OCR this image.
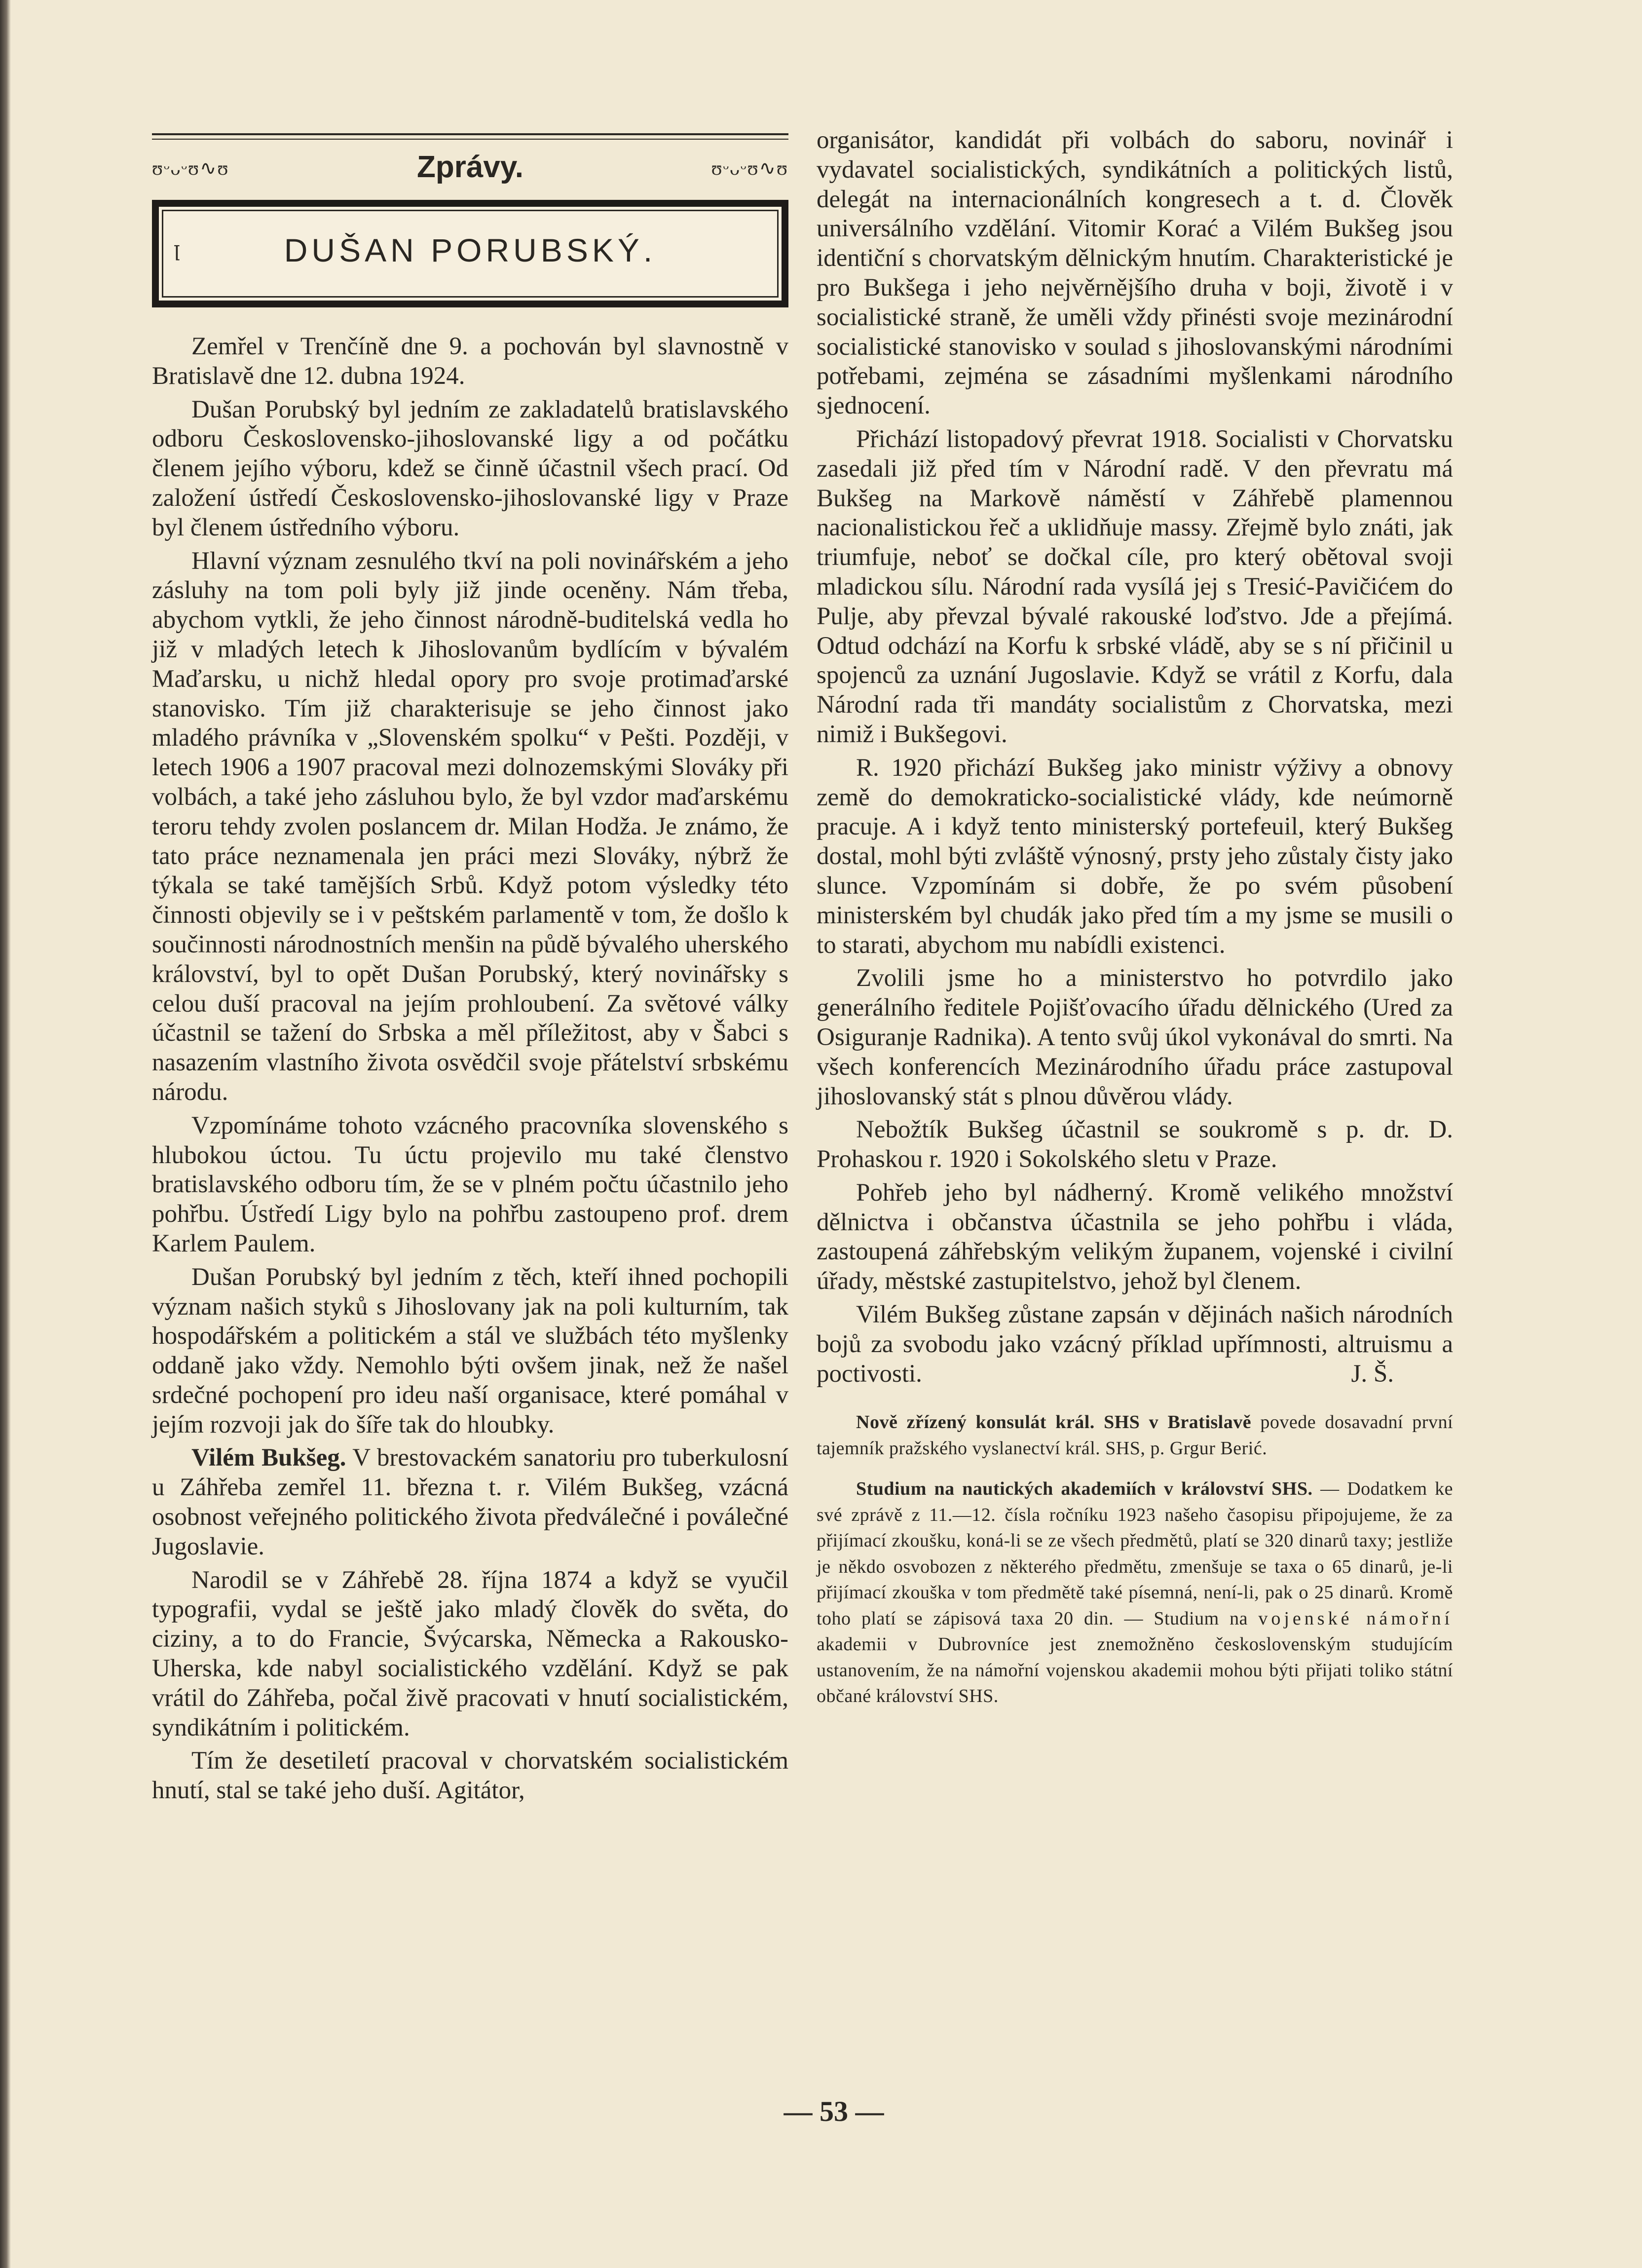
ʊᵕᴗᵕʊ∿ʊ	Zprávy.	ʊᵕᴗᵕʊ∿ʊ
ꞁ	DUŠAN PORUBSKÝ.

Zemřel v Trenčíně dne 9. a pochován byl slavnostně v Bratislavě dne 12. dubna 1924.

Dušan Porubský byl jedním ze zakladatelů bratislavského odboru Československo-jihoslovanské ligy a od počátku členem jejího výboru, kdež se činně účastnil všech prací. Od založení ústředí Československo-jihoslovanské ligy v Praze byl členem ústředního výboru.

Hlavní význam zesnulého tkví na poli novinářském a jeho zásluhy na tom poli byly již jinde oceněny. Nám třeba, abychom vytkli, že jeho činnost národně-buditelská vedla ho již v mladých letech k Jihoslovanům bydlícím v bývalém Maďarsku, u nichž hledal opory pro svoje protimaďarské stanovisko. Tím již charakterisuje se jeho činnost jako mladého právníka v „Slovenském spolku“ v Pešti. Později, v letech 1906 a 1907 pracoval mezi dolnozemskými Slováky při volbách, a také jeho zásluhou bylo, že byl vzdor maďarskému teroru tehdy zvolen poslancem dr. Milan Hodža. Je známo, že tato práce neznamenala jen práci mezi Slováky, nýbrž že týkala se také tamějších Srbů. Když potom výsledky této činnosti objevily se i v peštském parlamentě v tom, že došlo k součinnosti národnostních menšin na půdě bývalého uherského království, byl to opět Dušan Porubský, který novinářsky s celou duší pracoval na jejím prohloubení. Za světové války účastnil se tažení do Srbska a měl příležitost, aby v Šabci s nasazením vlastního života osvědčil svoje přátelství srbskému národu.

Vzpomínáme tohoto vzácného pracovníka slovenského s hlubokou úctou. Tu úctu projevilo mu také členstvo bratislavského odboru tím, že se v plném počtu účastnilo jeho pohřbu. Ústředí Ligy bylo na pohřbu zastoupeno prof. drem Karlem Paulem.

Dušan Porubský byl jedním z těch, kteří ihned pochopili význam našich styků s Jihoslovany jak na poli kulturním, tak hospodářském a politickém a stál ve službách této myšlenky oddaně jako vždy. Nemohlo býti ovšem jinak, než že našel srdečné pochopení pro ideu naší organisace, které pomáhal v jejím rozvoji jak do šíře tak do hloubky.

Vilém Bukšeg. V brestovackém sanatoriu pro tuberkulosní u Záhřeba zemřel 11. března t. r. Vilém Bukšeg, vzácná osobnost veřejného politického života předválečné i poválečné Jugoslavie.

Narodil se v Záhřebě 28. října 1874 a když se vyučil typografii, vydal se ještě jako mladý člověk do světa, do ciziny, a to do Francie, Švýcarska, Německa a Rakousko-Uherska, kde nabyl socialistického vzdělání. Když se pak vrátil do Záhřeba, počal živě pracovati v hnutí socialistickém, syndikátním i politickém.

Tím že desetiletí pracoval v chorvatském socialistickém hnutí, stal se také jeho duší. Agitátor,

organisátor, kandidát při volbách do saboru, novinář i vydavatel socialistických, syndikátních a politických listů, delegát na internacionálních kongresech a t. d. Člověk universálního vzdělání. Vitomir Korać a Vilém Bukšeg jsou identiční s chorvatským dělnickým hnutím. Charakteristické je pro Bukšega i jeho nejvěrnějšího druha v boji, životě i v socialistické straně, že uměli vždy přinésti svoje mezinárodní socialistické stanovisko v soulad s jihoslovanskými národními potřebami, zejména se zásadními myšlenkami národního sjednocení.

Přichází listopadový převrat 1918. Socialisti v Chorvatsku zasedali již před tím v Národní radě. V den převratu má Bukšeg na Markově náměstí v Záhřebě plamennou nacionalistickou řeč a uklidňuje massy. Zřejmě bylo znáti, jak triumfuje, neboť se dočkal cíle, pro který obětoval svoji mladickou sílu. Národní rada vysílá jej s Tresić-Pavičićem do Pulje, aby převzal bývalé rakouské loďstvo. Jde a přejímá. Odtud odchází na Korfu k srbské vládě, aby se s ní přičinil u spojenců za uznání Jugoslavie. Když se vrátil z Korfu, dala Národní rada tři mandáty socialistům z Chorvatska, mezi nimiž i Bukšegovi.

R. 1920 přichází Bukšeg jako ministr výživy a obnovy země do demokraticko-socialistické vlády, kde neúmorně pracuje. A i když tento ministerský portefeuil, který Bukšeg dostal, mohl býti zvláště výnosný, prsty jeho zůstaly čisty jako slunce. Vzpomínám si dobře, že po svém působení ministerském byl chudák jako před tím a my jsme se musili o to starati, abychom mu nabídli existenci.

Zvolili jsme ho a ministerstvo ho potvrdilo jako generálního ředitele Pojišťovacího úřadu dělnického (Ured za Osiguranje Radnika). A tento svůj úkol vykonával do smrti. Na všech konferencích Mezinárodního úřadu práce zastupoval jihoslovanský stát s plnou důvěrou vlády.

Nebožtík Bukšeg účastnil se soukromě s p. dr. D. Prohaskou r. 1920 i Sokolského sletu v Praze.

Pohřeb jeho byl nádherný. Kromě velikého množství dělnictva i občanstva účastnila se jeho pohřbu i vláda, zastoupená záhřebským velikým županem, vojenské i civilní úřady, městské zastupitelstvo, jehož byl členem.

Vilém Bukšeg zůstane zapsán v dějinách našich národních bojů za svobodu jako vzácný příklad upřímnosti, altruismu a poctivosti.	J. Š.

Nově zřízený konsulát král. SHS v Bratislavě povede dosavadní první tajemník pražského vyslanectví král. SHS, p. Grgur Berić.

Studium na nautických akademiích v království SHS. — Dodatkem ke své zprávě z 11.—12. čísla ročníku 1923 našeho časopisu připojujeme, že za přijímací zkoušku, koná-li se ze všech předmětů, platí se 320 dinarů taxy; jestliže je někdo osvobozen z některého předmětu, zmenšuje se taxa o 65 dinarů, je-li přijímací zkouška v tom předmětě také písemná, není-li, pak o 25 dinarů. Kromě toho platí se zápisová taxa 20 din. — Studium na vojenské námořní akademii v Dubrovníce jest znemožněno československým studujícím ustanovením, že na námořní vojenskou akademii mohou býti přijati toliko státní občané království SHS.

— 53 —
